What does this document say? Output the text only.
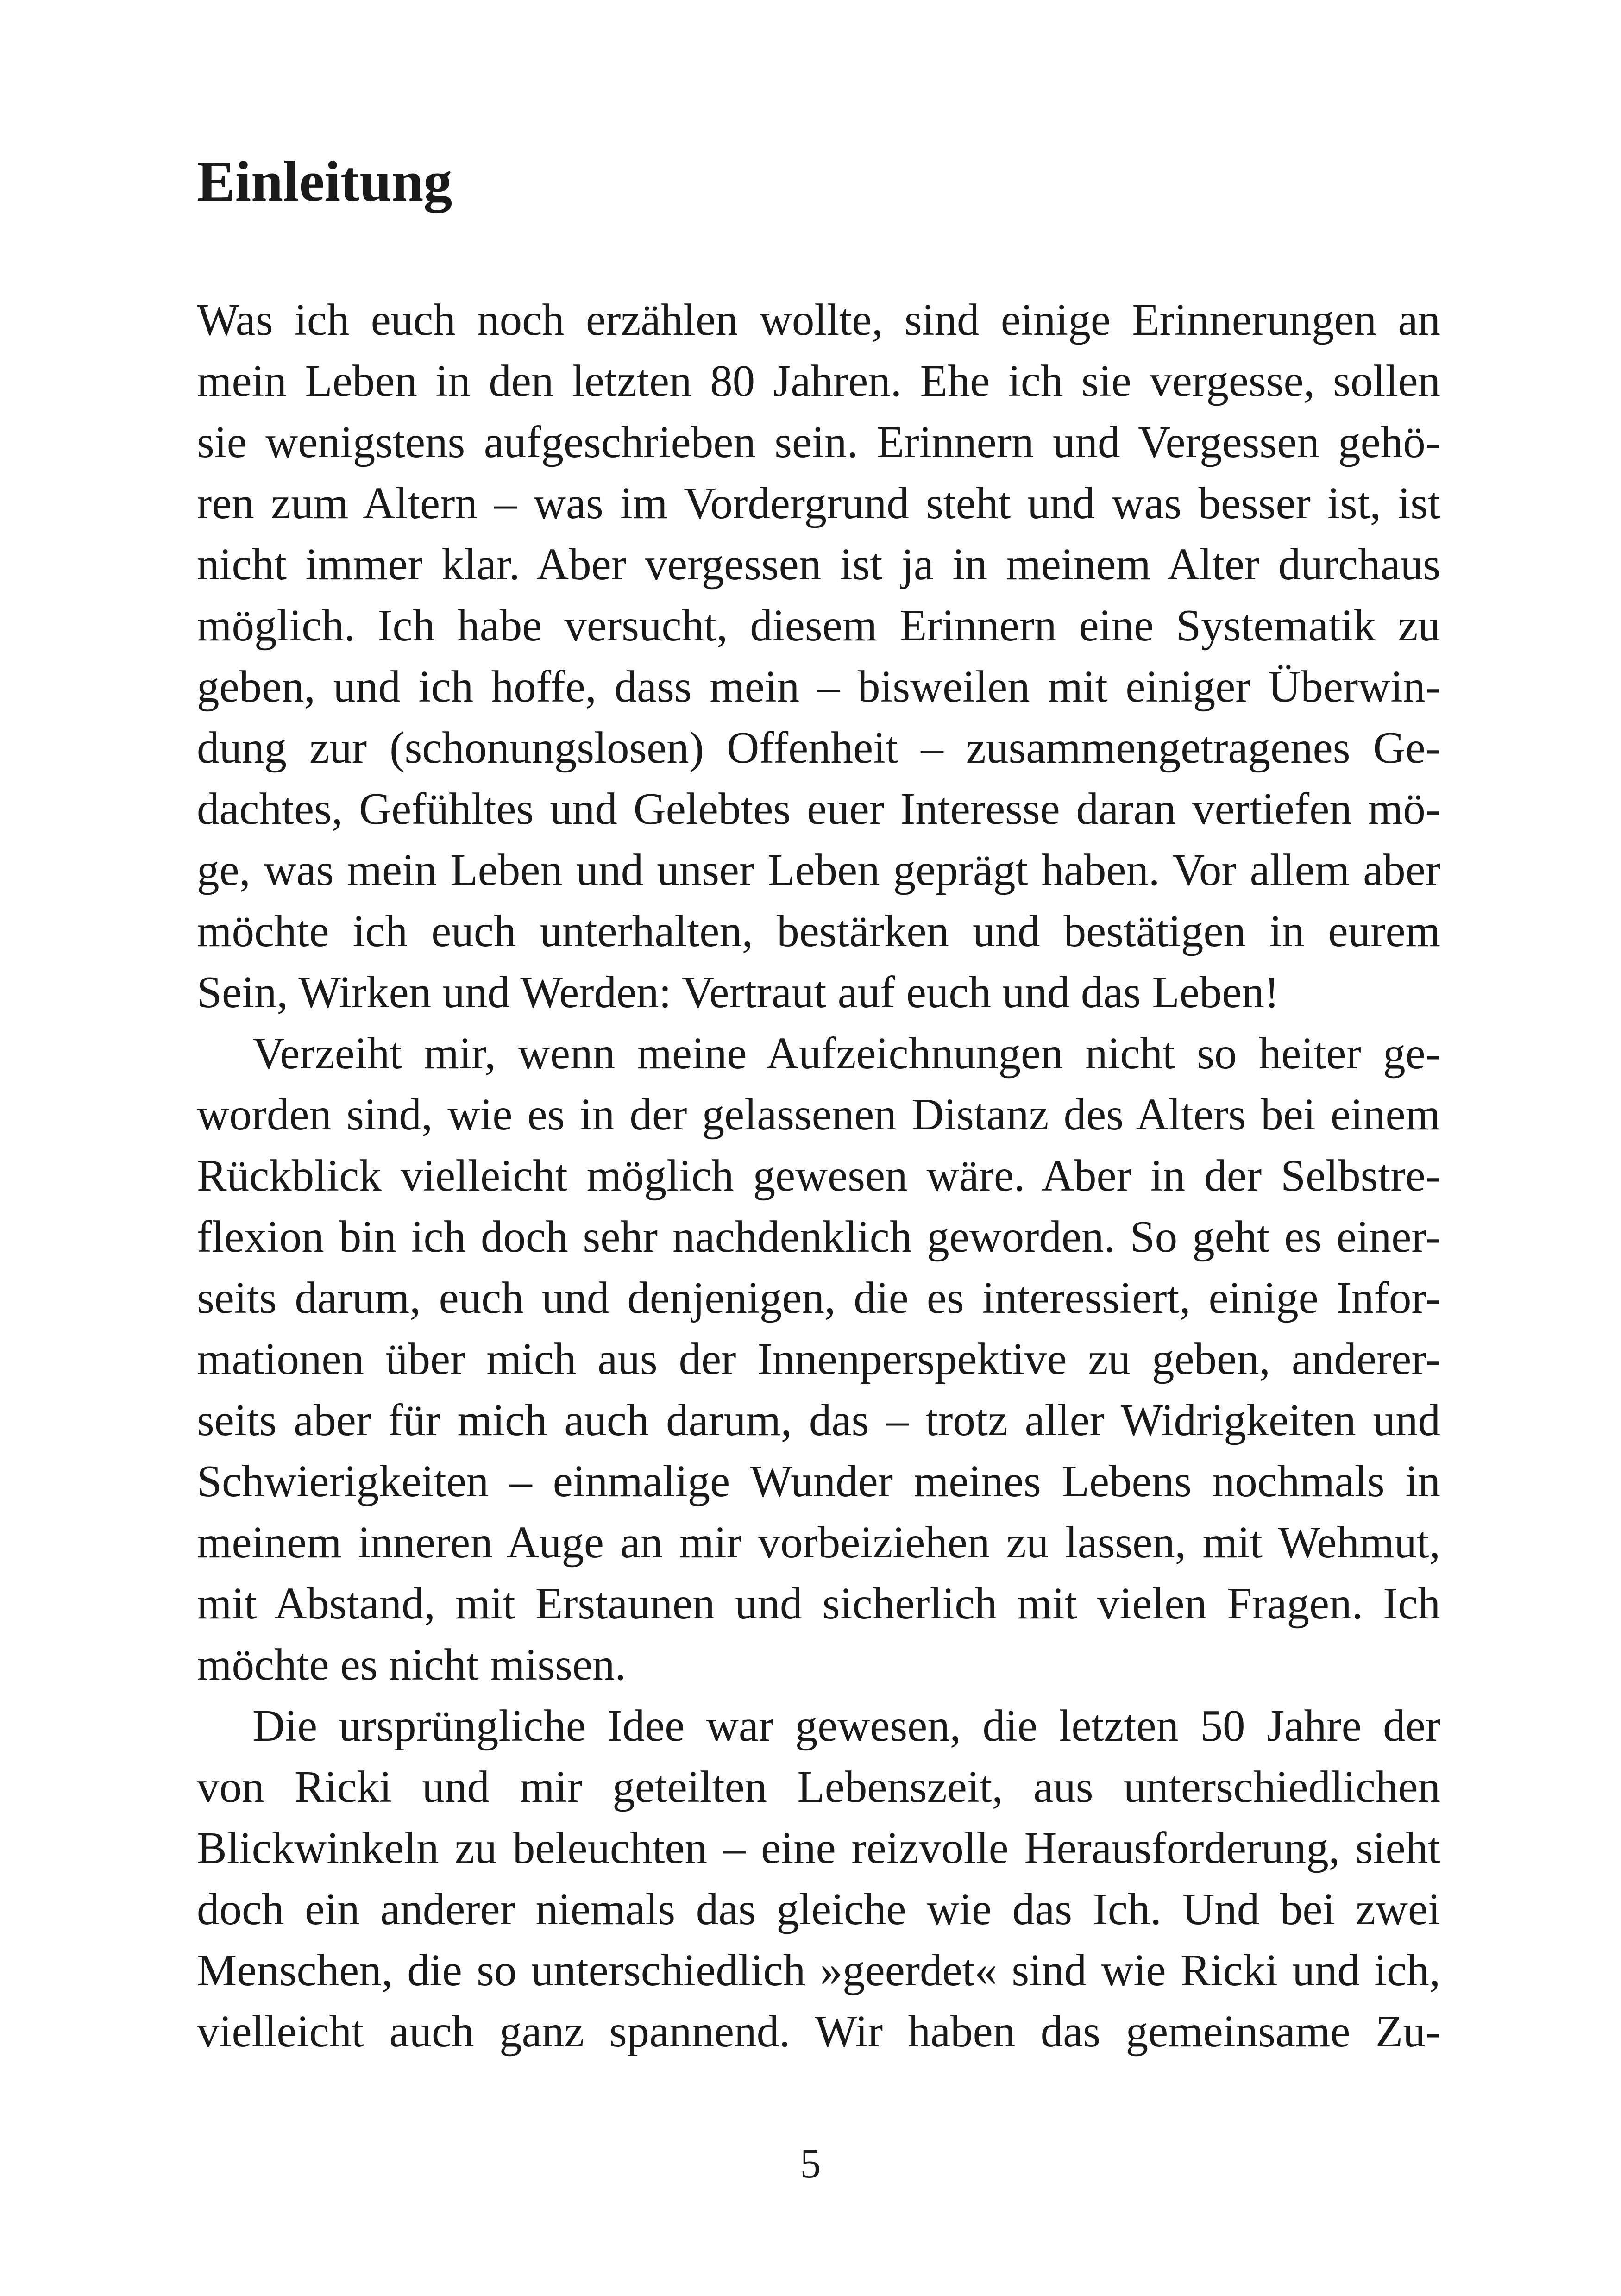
Einleitung
Was ich euch noch erzählen wollte, sind einige Erinnerungen an
mein Leben in den letzten 80 Jahren. Ehe ich sie vergesse, sollen
sie wenigstens aufgeschrieben sein. Erinnern und Vergessen gehö-
ren zum Altern – was im Vordergrund steht und was besser ist, ist
nicht immer klar. Aber vergessen ist ja in meinem Alter durchaus
möglich. Ich habe versucht, diesem Erinnern eine Systematik zu
geben, und ich hoffe, dass mein – bisweilen mit einiger Überwin-
dung zur (schonungslosen) Offenheit – zusammengetragenes Ge-
dachtes, Gefühltes und Gelebtes euer Interesse daran vertiefen mö-
ge, was mein Leben und unser Leben geprägt haben. Vor allem aber
möchte ich euch unterhalten, bestärken und bestätigen in eurem
Sein, Wirken und Werden: Vertraut auf euch und das Leben!
Verzeiht mir, wenn meine Aufzeichnungen nicht so heiter ge-
worden sind, wie es in der gelassenen Distanz des Alters bei einem
Rückblick vielleicht möglich gewesen wäre. Aber in der Selbstre-
flexion bin ich doch sehr nachdenklich geworden. So geht es einer-
seits darum, euch und denjenigen, die es interessiert, einige Infor-
mationen über mich aus der Innenperspektive zu geben, anderer-
seits aber für mich auch darum, das – trotz aller Widrigkeiten und
Schwierigkeiten – einmalige Wunder meines Lebens nochmals in
meinem inneren Auge an mir vorbeiziehen zu lassen, mit Wehmut,
mit Abstand, mit Erstaunen und sicherlich mit vielen Fragen. Ich
möchte es nicht missen.
Die ursprüngliche Idee war gewesen, die letzten 50 Jahre der
von Ricki und mir geteilten Lebenszeit, aus unterschiedlichen
Blickwinkeln zu beleuchten – eine reizvolle Herausforderung, sieht
doch ein anderer niemals das gleiche wie das Ich. Und bei zwei
Menschen, die so unterschiedlich »geerdet« sind wie Ricki und ich,
vielleicht auch ganz spannend. Wir haben das gemeinsame Zu-
5
